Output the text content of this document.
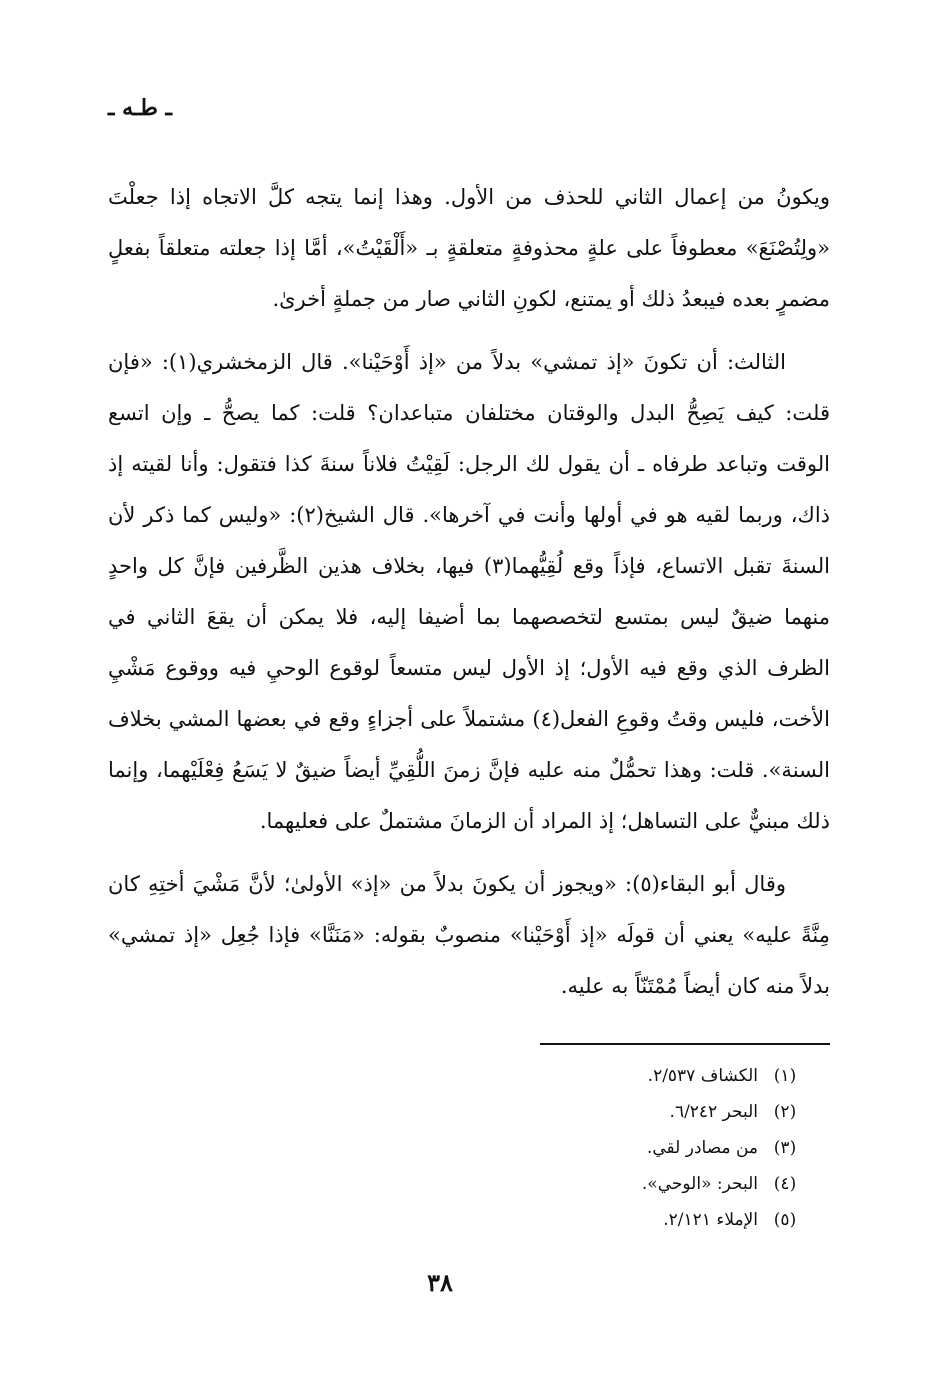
ـ طـه ـ

ويكونُ من إعمال الثاني للحذف من الأول. وهذا إنما يتجه كلَّ الاتجاه إذا جعلْتَ «ولِتُصْنَعَ» معطوفاً على علةٍ محذوفةٍ متعلقةٍ بـ «أَلْقَيْتُ»، أمَّا إذا جعلته متعلقاً بفعلٍ مضمرٍ بعده فيبعدُ ذلك أو يمتنع، لكونِ الثاني صار من جملةٍ أخرىٰ.

الثالث: أن تكونَ «إذ تمشي» بدلاً من «إذ أَوْحَيْنا». قال الزمخشري(١): «فإن قلت: كيف يَصِحُّ البدل والوقتان مختلفان متباعدان؟ قلت: كما يصحُّ ـ وإن اتسع الوقت وتباعد طرفاه ـ أن يقول لك الرجل: لَقِيْتُ فلاناً سنةَ كذا فتقول: وأنا لقيته إذ ذاك، وربما لقيه هو في أولها وأنت في آخرها». قال الشيخ(٢): «وليس كما ذكر لأن السنةَ تقبل الاتساع، فإذاً وقع لُقِيُّهما(٣) فيها، بخلاف هذين الظَّرفين فإنَّ كل واحدٍ منهما ضيقٌ ليس بمتسع لتخصصهما بما أضيفا إليه، فلا يمكن أن يقعَ الثاني في الظرف الذي وقع فيه الأول؛ إذ الأول ليس متسعاً لوقوع الوحيِ فيه ووقوع مَشْيِ الأخت، فليس وقتُ وقوعِ الفعل(٤) مشتملاً على أجزاءٍ وقع في بعضها المشي بخلاف السنة». قلت: وهذا تحمُّلٌ منه عليه فإنَّ زمنَ اللُّقِيِّ أيضاً ضيقٌ لا يَسَعُ فِعْلَيْهما، وإنما ذلك مبنيٌّ على التساهل؛ إذ المراد أن الزمانَ مشتملٌ على فعليهما.

وقال أبو البقاء(٥): «ويجوز أن يكونَ بدلاً من «إذ» الأولىٰ؛ لأنَّ مَشْيَ أختِهِ كان مِنَّةً عليه» يعني أن قولَه «إذ أَوْحَيْنا» منصوبٌ بقوله: «مَنَنَّا» فإذا جُعِل «إذ تمشي» بدلاً منه كان أيضاً مُمْتَنّاً به عليه.

(١)
الكشاف ٢/٥٣٧.
(٢)
البحر ٦/٢٤٢.
(٣)
من مصادر لقي.
(٤)
البحر: «الوحي».
(٥)
الإملاء ٢/١٢١.
٣٨
